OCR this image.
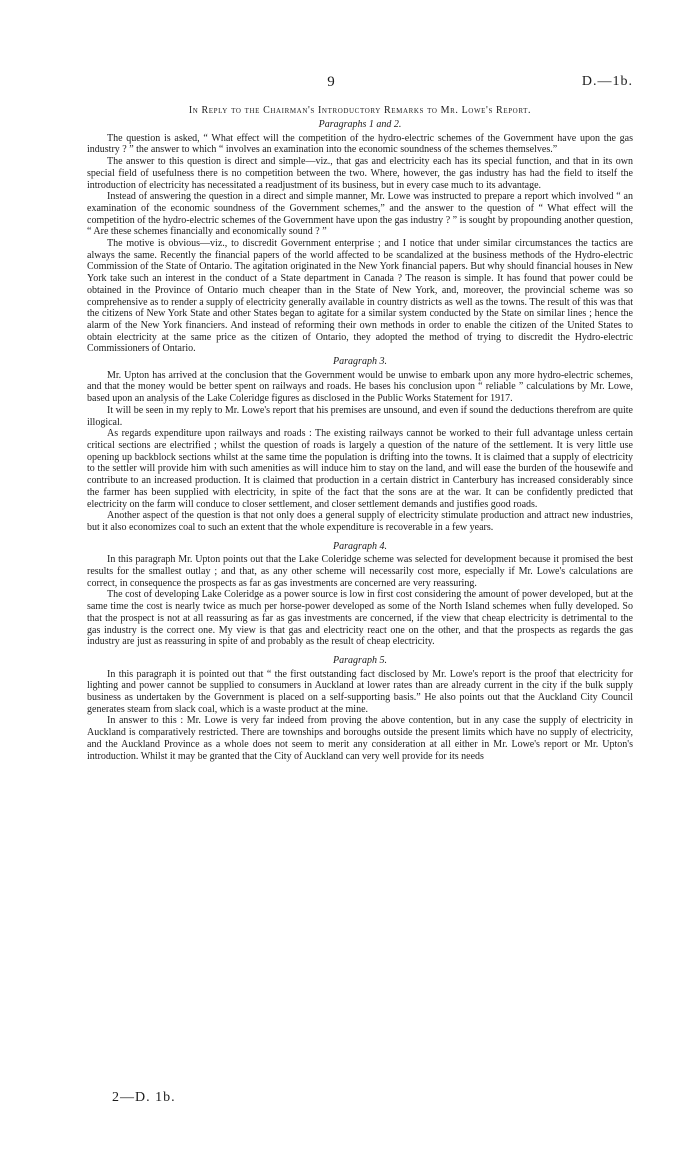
9	D.—1b.
In Reply to the Chairman's Introductory Remarks to Mr. Lowe's Report.

Paragraphs 1 and 2.

The question is asked, “ What effect will the competition of the hydro-electric schemes of the Government have upon the gas industry ? ” the answer to which “ involves an examination into the economic soundness of the schemes themselves.”

The answer to this question is direct and simple—viz., that gas and electricity each has its special function, and that in its own special field of usefulness there is no competition between the two. Where, however, the gas industry has had the field to itself the introduction of electricity has necessitated a readjustment of its business, but in every case much to its advantage.

Instead of answering the question in a direct and simple manner, Mr. Lowe was instructed to prepare a report which involved “ an examination of the economic soundness of the Government schemes,” and the answer to the question of “ What effect will the competition of the hydro-electric schemes of the Government have upon the gas industry ? ” is sought by propounding another question, “ Are these schemes financially and economically sound ? ”

The motive is obvious—viz., to discredit Government enterprise ; and I notice that under similar circumstances the tactics are always the same. Recently the financial papers of the world affected to be scandalized at the business methods of the Hydro-electric Commission of the State of Ontario. The agitation originated in the New York financial papers. But why should financial houses in New York take such an interest in the conduct of a State department in Canada ? The reason is simple. It has found that power could be obtained in the Province of Ontario much cheaper than in the State of New York, and, moreover, the provincial scheme was so comprehensive as to render a supply of electricity generally available in country districts as well as the towns. The result of this was that the citizens of New York State and other States began to agitate for a similar system conducted by the State on similar lines ; hence the alarm of the New York financiers. And instead of reforming their own methods in order to enable the citizen of the United States to obtain electricity at the same price as the citizen of Ontario, they adopted the method of trying to discredit the Hydro-electric Commissioners of Ontario.

Paragraph 3.

Mr. Upton has arrived at the conclusion that the Government would be unwise to embark upon any more hydro-electric schemes, and that the money would be better spent on railways and roads. He bases his conclusion upon “ reliable ” calculations by Mr. Lowe, based upon an analysis of the Lake Coleridge figures as disclosed in the Public Works Statement for 1917.

It will be seen in my reply to Mr. Lowe's report that his premises are unsound, and even if sound the deductions therefrom are quite illogical.

As regards expenditure upon railways and roads : The existing railways cannot be worked to their full advantage unless certain critical sections are electrified ; whilst the question of roads is largely a question of the nature of the settlement. It is very little use opening up backblock sections whilst at the same time the population is drifting into the towns. It is claimed that a supply of electricity to the settler will provide him with such amenities as will induce him to stay on the land, and will ease the burden of the housewife and contribute to an increased production. It is claimed that production in a certain district in Canterbury has increased considerably since the farmer has been supplied with electricity, in spite of the fact that the sons are at the war. It can be confidently predicted that electricity on the farm will conduce to closer settlement, and closer settlement demands and justifies good roads.

Another aspect of the question is that not only does a general supply of electricity stimulate production and attract new industries, but it also economizes coal to such an extent that the whole expenditure is recoverable in a few years.

Paragraph 4.

In this paragraph Mr. Upton points out that the Lake Coleridge scheme was selected for development because it promised the best results for the smallest outlay ; and that, as any other scheme will necessarily cost more, especially if Mr. Lowe's calculations are correct, in consequence the prospects as far as gas investments are concerned are very reassuring.

The cost of developing Lake Coleridge as a power source is low in first cost considering the amount of power developed, but at the same time the cost is nearly twice as much per horse-power developed as some of the North Island schemes when fully developed. So that the prospect is not at all reassuring as far as gas investments are concerned, if the view that cheap electricity is detrimental to the gas industry is the correct one. My view is that gas and electricity react one on the other, and that the prospects as regards the gas industry are just as reassuring in spite of and probably as the result of cheap electricity.

Paragraph 5.

In this paragraph it is pointed out that “ the first outstanding fact disclosed by Mr. Lowe's report is the proof that electricity for lighting and power cannot be supplied to consumers in Auckland at lower rates than are already current in the city if the bulk supply business as undertaken by the Government is placed on a self-supporting basis.” He also points out that the Auckland City Council generates steam from slack coal, which is a waste product at the mine.

In answer to this : Mr. Lowe is very far indeed from proving the above contention, but in any case the supply of electricity in Auckland is comparatively restricted. There are townships and boroughs outside the present limits which have no supply of electricity, and the Auckland Province as a whole does not seem to merit any consideration at all either in Mr. Lowe's report or Mr. Upton's introduction. Whilst it may be granted that the City of Auckland can very well provide for its needs

2—D. 1b.
